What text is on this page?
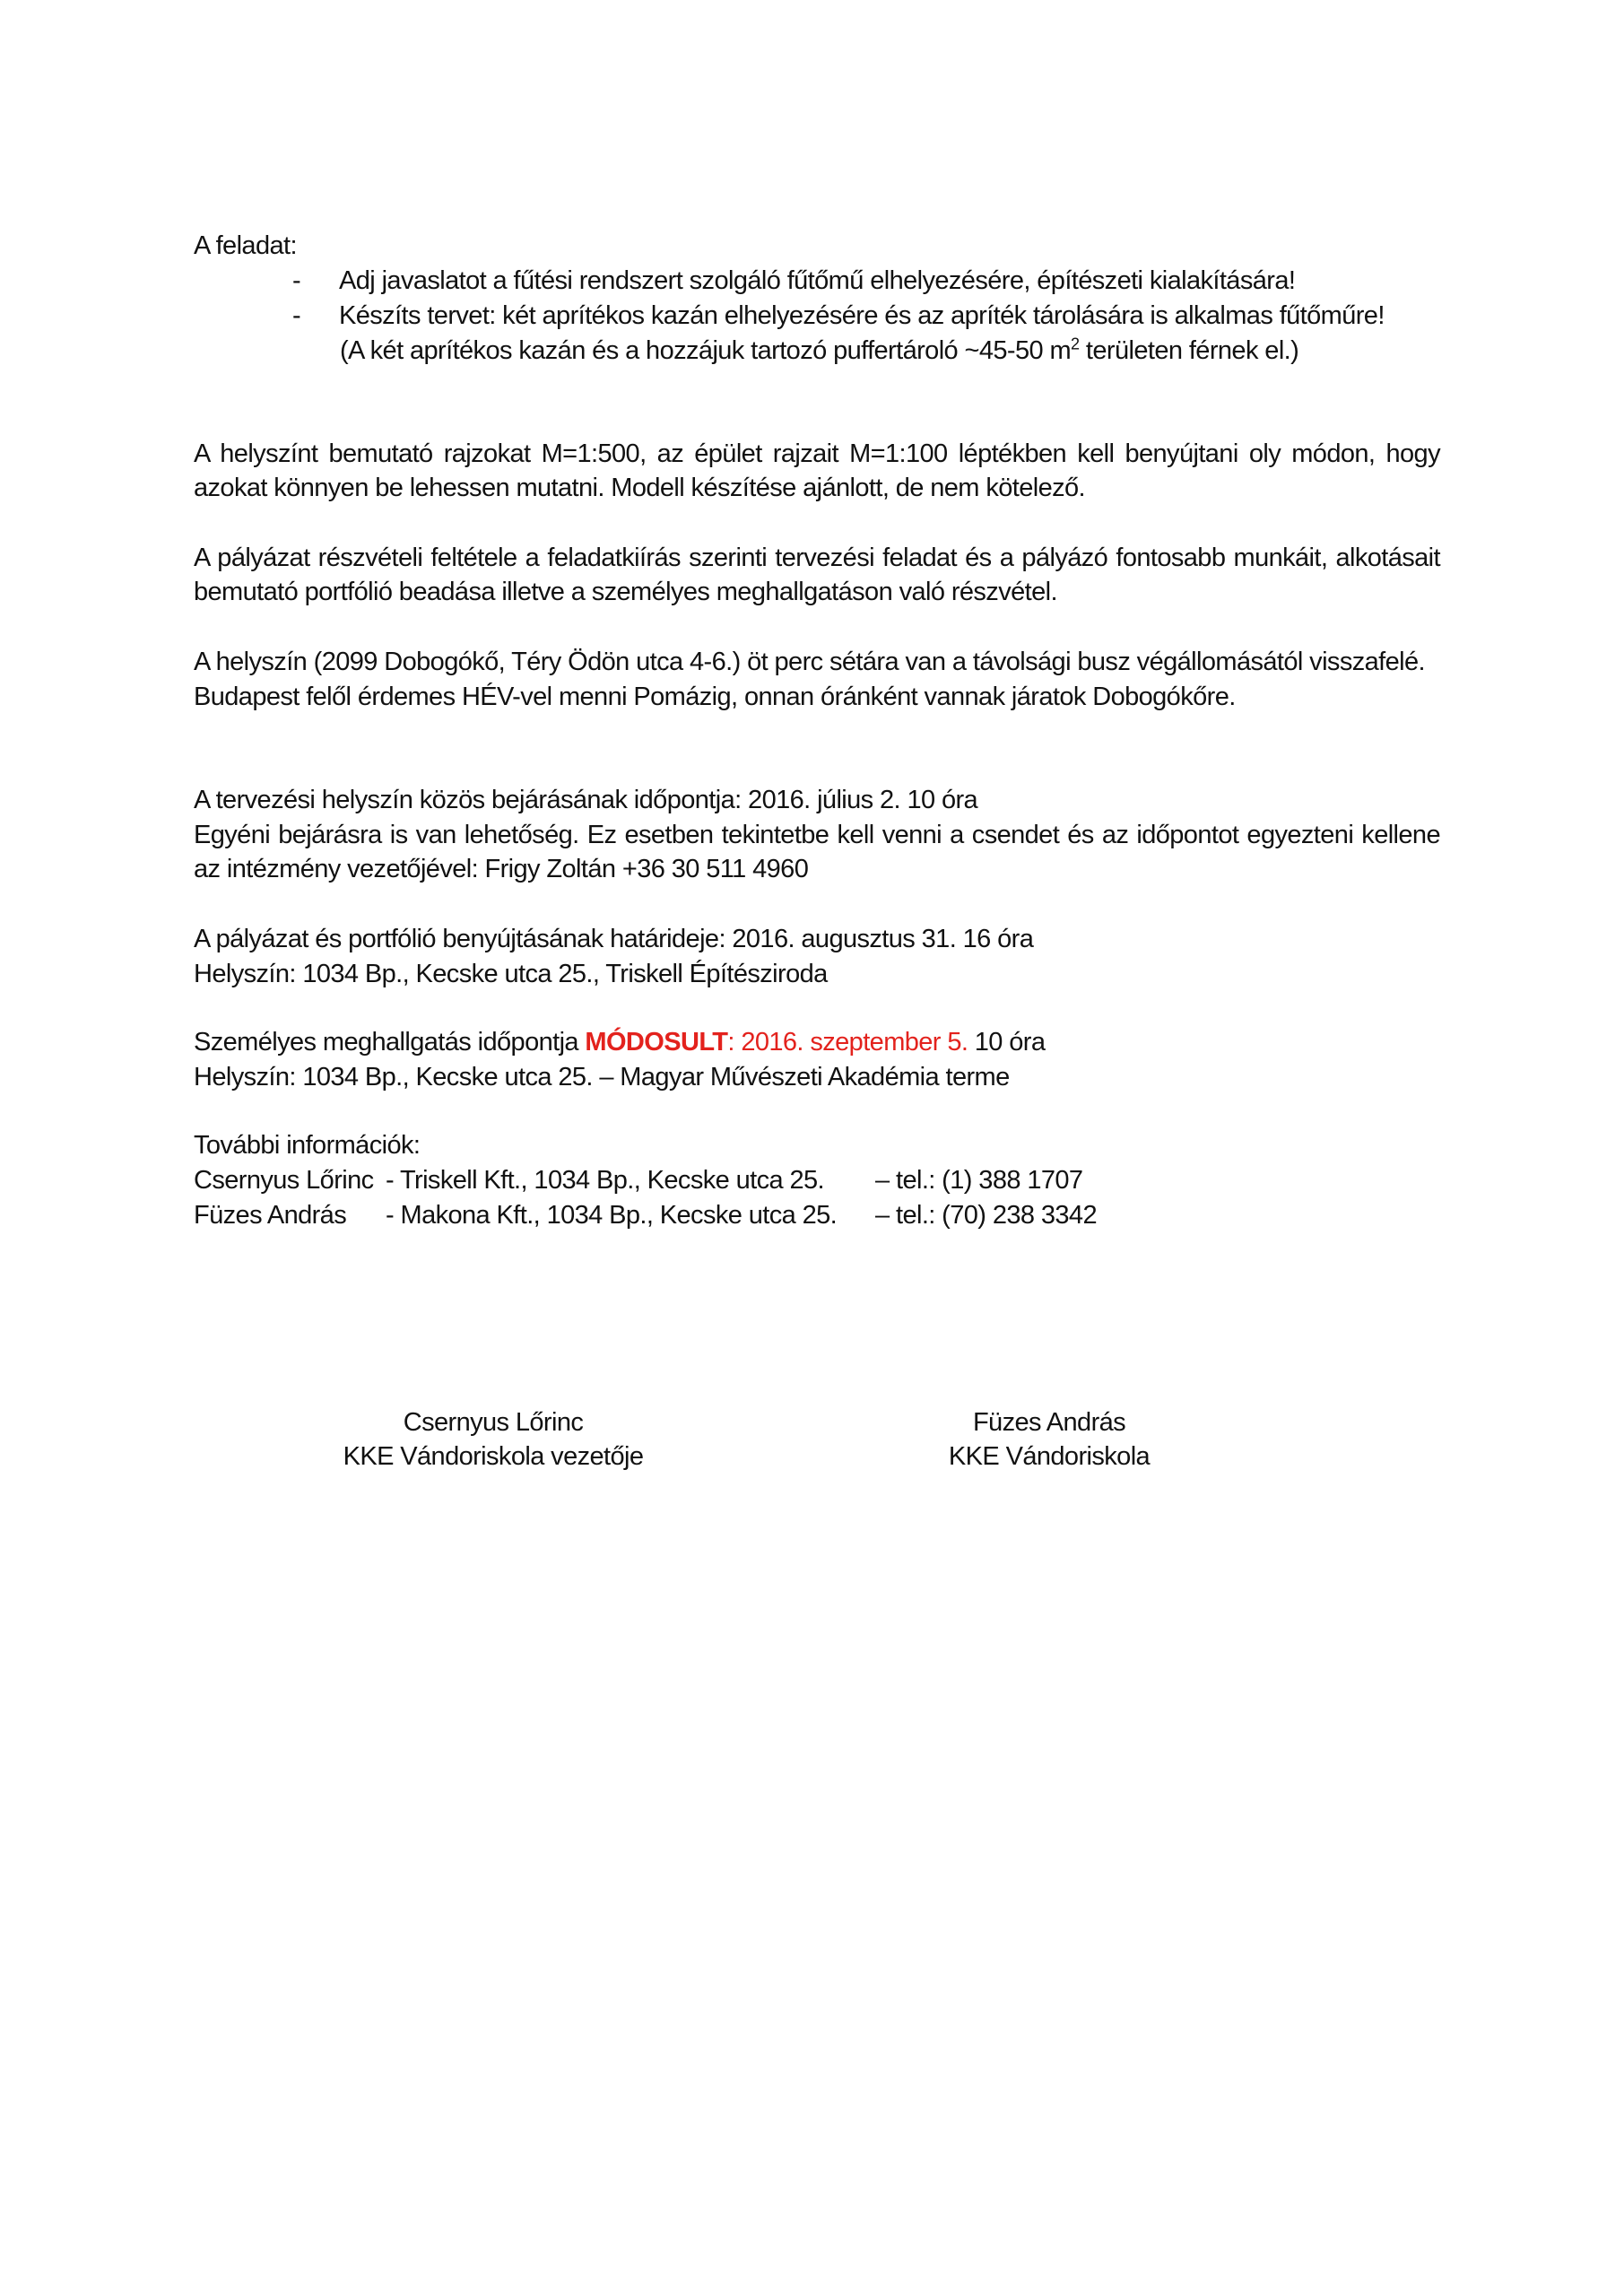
A feladat:
- Adj javaslatot a fűtési rendszert szolgáló fűtőmű elhelyezésére, építészeti kialakítására!
- Készíts tervet: két aprítékos kazán elhelyezésére és az apríték tárolására is alkalmas fűtőműre!
(A két aprítékos kazán és a hozzájuk tartozó puffertároló ~45-50 $m^2$ területen férnek el.)
A helyszínt bemutató rajzokat M=1:500, az épület rajzait M=1:100 léptékben kell benyújtani oly módon, hogy azokat könnyen be lehessen mutatni. Modell készítése ajánlott, de nem kötelező.
A pályázat részvételi feltétele a feladatkiírás szerinti tervezési feladat és a pályázó fontosabb munkáit, alkotásait bemutató portfólió beadása illetve a személyes meghallgatáson való részvétel.
A helyszín (2099 Dobogókő, Téry Ödön utca 4-6.) öt perc sétára van a távolsági busz végállomásától visszafelé.
Budapest felől érdemes HÉV-vel menni Pomázig, onnan óránként vannak járatok Dobogókőre.
A tervezési helyszín közös bejárásának időpontja: 2016. július 2. 10 óra
Egyéni bejárásra is van lehetőség. Ez esetben tekintetbe kell venni a csendet és az időpontot egyezteni kellene az intézmény vezetőjével: Frigy Zoltán +36 30 511 4960
A pályázat és portfólió benyújtásának határideje: 2016. augusztus 31. 16 óra
Helyszín: 1034 Bp., Kecske utca 25., Triskell Építésziroda
Személyes meghallgatás időpontja MÓDOSULT: 2016. szeptember 5. 10 óra
Helyszín: 1034 Bp., Kecske utca 25. – Magyar Művészeti Akadémia terme
További információk:
Csernyus Lőrinc - Triskell Kft., 1034 Bp., Kecske utca 25. – tel.: (1) 388 1707
Füzes András - Makona Kft., 1034 Bp., Kecske utca 25. – tel.: (70) 238 3342
Csernyus Lőrinc
KKE Vándoriskola vezetője
Füzes András
KKE Vándoriskola
